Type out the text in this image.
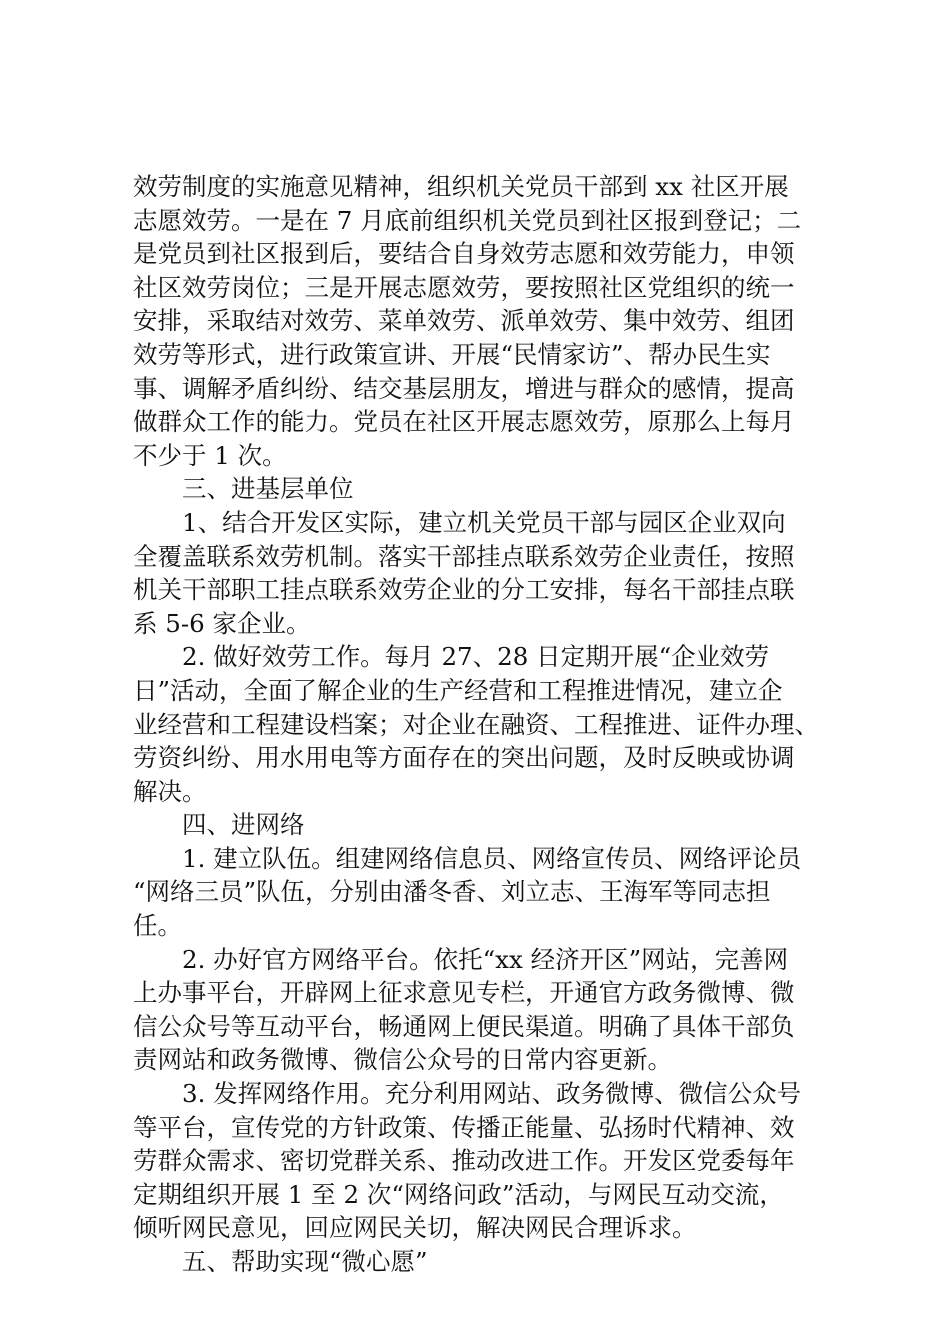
效劳制度的实施意见精神，组织机关党员干部到 xx 社区开展
志愿效劳。一是在 7 月底前组织机关党员到社区报到登记；二
是党员到社区报到后，要结合自身效劳志愿和效劳能力，申领
社区效劳岗位；三是开展志愿效劳，要按照社区党组织的统一
安排，采取结对效劳、菜单效劳、派单效劳、集中效劳、组团
效劳等形式，进行政策宣讲、开展“民情家访”、帮办民生实
事、调解矛盾纠纷、结交基层朋友，增进与群众的感情，提高
做群众工作的能力。党员在社区开展志愿效劳，原那么上每月
不少于 1 次。
三、进基层单位
1、结合开发区实际，建立机关党员干部与园区企业双向
全覆盖联系效劳机制。落实干部挂点联系效劳企业责任，按照
机关干部职工挂点联系效劳企业的分工安排，每名干部挂点联
系 5-6 家企业。
2. 做好效劳工作。每月 27、28 日定期开展“企业效劳
日”活动，全面了解企业的生产经营和工程推进情况，建立企
业经营和工程建设档案；对企业在融资、工程推进、证件办理、
劳资纠纷、用水用电等方面存在的突出问题，及时反映或协调
解决。
四、进网络
1. 建立队伍。组建网络信息员、网络宣传员、网络评论员
“网络三员”队伍，分别由潘冬香、刘立志、王海军等同志担
任。
2. 办好官方网络平台。依托“xx 经济开区”网站，完善网
上办事平台，开辟网上征求意见专栏，开通官方政务微博、微
信公众号等互动平台，畅通网上便民渠道。明确了具体干部负
责网站和政务微博、微信公众号的日常内容更新。
3. 发挥网络作用。充分利用网站、政务微博、微信公众号
等平台，宣传党的方针政策、传播正能量、弘扬时代精神、效
劳群众需求、密切党群关系、推动改进工作。开发区党委每年
定期组织开展 1 至 2 次“网络问政”活动，与网民互动交流，
倾听网民意见，回应网民关切，解决网民合理诉求。
五、帮助实现“微心愿”
